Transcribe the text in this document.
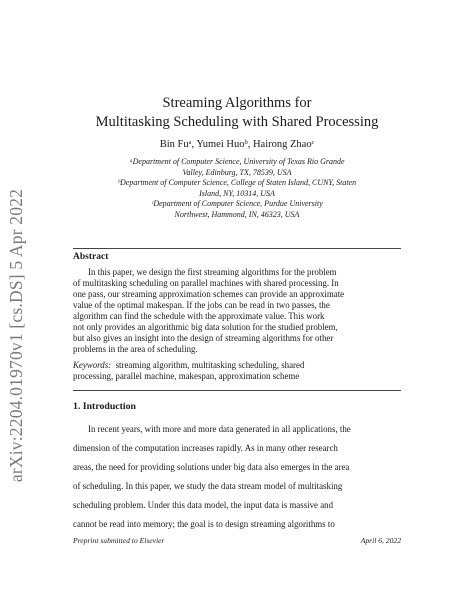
arXiv:2204.01970v1 [cs.DS] 5 Apr 2022
Streaming Algorithms for
Multitasking Scheduling with Shared Processing
Bin Fuᵃ, Yumei Huoᵇ, Hairong Zhaoᶜ
ᵃDepartment of Computer Science, University of Texas Rio Grande
Valley, Edinburg, TX, 78539, USA
ᵇDepartment of Computer Science, College of Staten Island, CUNY, Staten
Island, NY, 10314, USA
ᶜDepartment of Computer Science, Purdue University
Northwest, Hammond, IN, 46323, USA
Abstract
In this paper, we design the first streaming algorithms for the problem
of multitasking scheduling on parallel machines with shared processing. In
one pass, our streaming approximation schemes can provide an approximate
value of the optimal makespan. If the jobs can be read in two passes, the
algorithm can find the schedule with the approximate value. This work
not only provides an algorithmic big data solution for the studied problem,
but also gives an insight into the design of streaming algorithms for other
problems in the area of scheduling.
Keywords: streaming algorithm, multitasking scheduling, shared
processing, parallel machine, makespan, approximation scheme
1. Introduction
In recent years, with more and more data generated in all applications, the
dimension of the computation increases rapidly. As in many other research
areas, the need for providing solutions under big data also emerges in the area
of scheduling. In this paper, we study the data stream model of multitasking
scheduling problem. Under this data model, the input data is massive and
cannot be read into memory; the goal is to design streaming algorithms to
Preprint submitted to Elsevier	April 6, 2022
